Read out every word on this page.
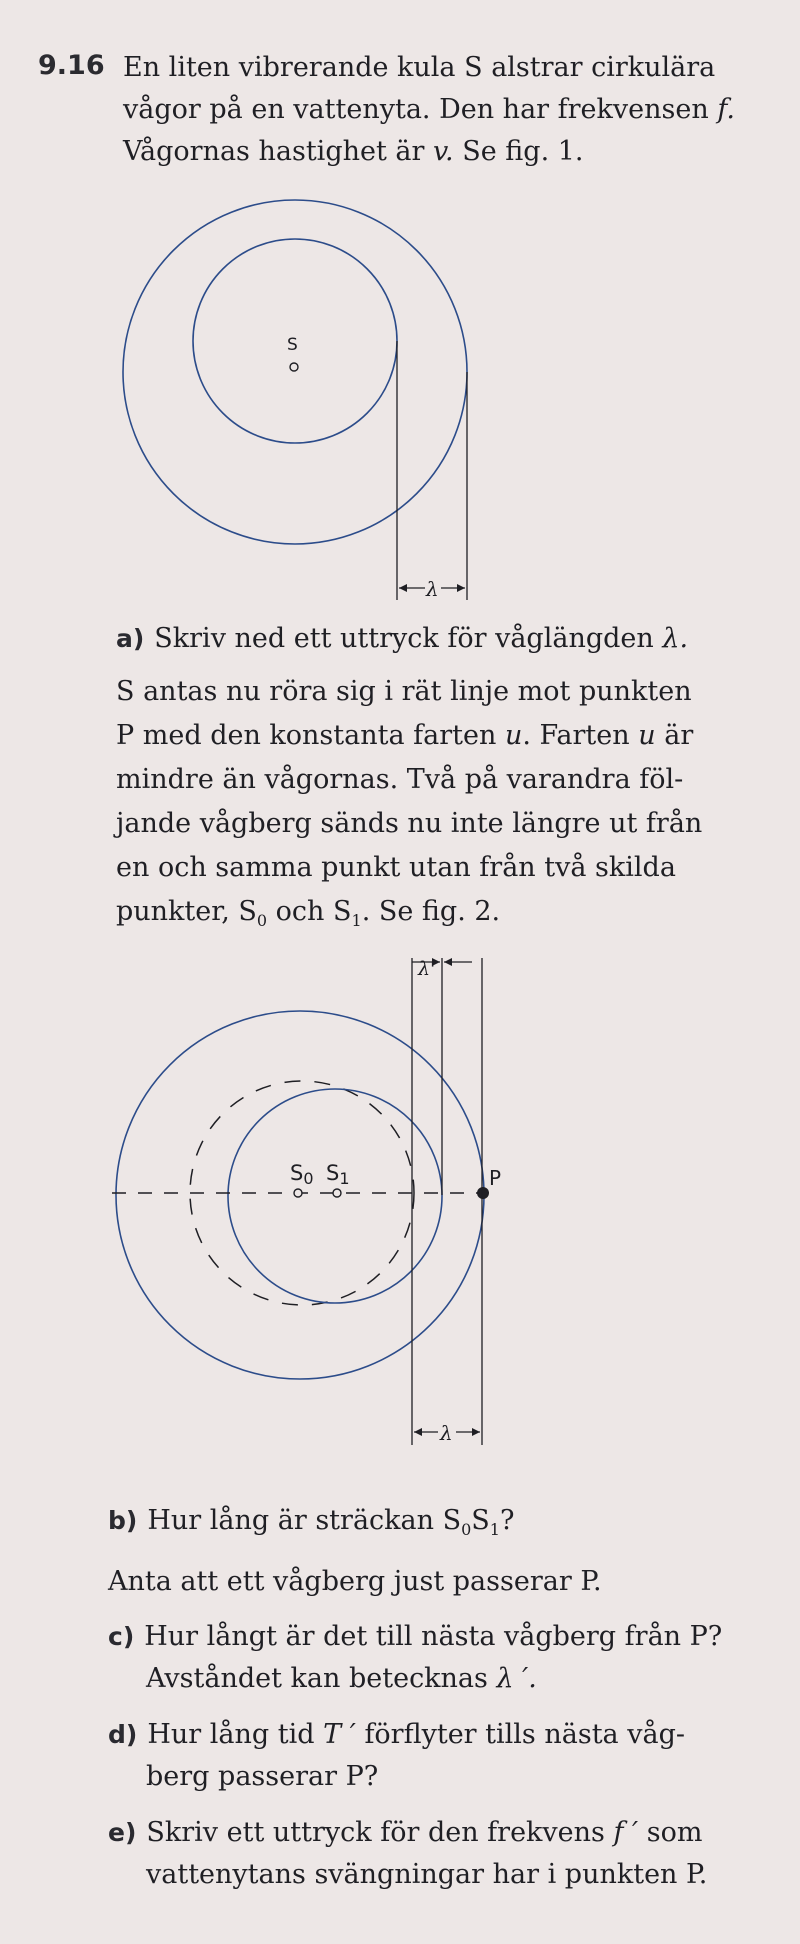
9.16 En liten vibrerande kula S alstrar cirkulära
vågor på en vattenyta. Den har frekvensen f.
Vågornas hastighet är v. Se fig. 1.
S
λ
λ'
λ
S0 S1	P
a) Skriv ned ett uttryck för våglängden λ.
S antas nu röra sig i rät linje mot punkten
P med den konstanta farten u. Farten u är
mindre än vågornas. Två på varandra föl-
jande vågberg sänds nu inte längre ut från
en och samma punkt utan från två skilda
punkter, $S_0$ och $S_1$. Se fig. 2.
b) Hur lång är sträckan $S_0S_1$?
Anta att ett vågberg just passerar P.
c) Hur långt är det till nästa vågberg från P?
Avståndet kan betecknas λ ′.
d) Hur lång tid T ′ förflyter tills nästa våg-
berg passerar P?
e) Skriv ett uttryck för den frekvens f ′ som
vattenytans svängningar har i punkten P.
